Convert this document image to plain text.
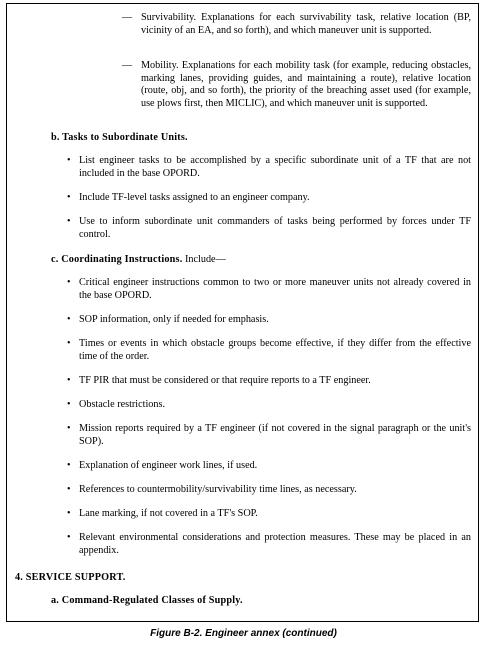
— Survivability. Explanations for each survivability task, relative location (BP, vicinity of an EA, and so forth), and which maneuver unit is supported.
— Mobility. Explanations for each mobility task (for example, reducing obstacles, marking lanes, providing guides, and maintaining a route), relative location (route, obj, and so forth), the priority of the breaching asset used (for example, use plows first, then MICLIC), and which maneuver unit is supported.
b. Tasks to Subordinate Units.
• List engineer tasks to be accomplished by a specific subordinate unit of a TF that are not included in the base OPORD.
• Include TF-level tasks assigned to an engineer company.
• Use to inform subordinate unit commanders of tasks being performed by forces under TF control.
c. Coordinating Instructions. Include—
• Critical engineer instructions common to two or more maneuver units not already covered in the base OPORD.
• SOP information, only if needed for emphasis.
• Times or events in which obstacle groups become effective, if they differ from the effective time of the order.
• TF PIR that must be considered or that require reports to a TF engineer.
• Obstacle restrictions.
• Mission reports required by a TF engineer (if not covered in the signal paragraph or the unit's SOP).
• Explanation of engineer work lines, if used.
• References to countermobility/survivability time lines, as necessary.
• Lane marking, if not covered in a TF's SOP.
• Relevant environmental considerations and protection measures. These may be placed in an appendix.
4. SERVICE SUPPORT.
a. Command-Regulated Classes of Supply.
Figure B-2. Engineer annex (continued)
